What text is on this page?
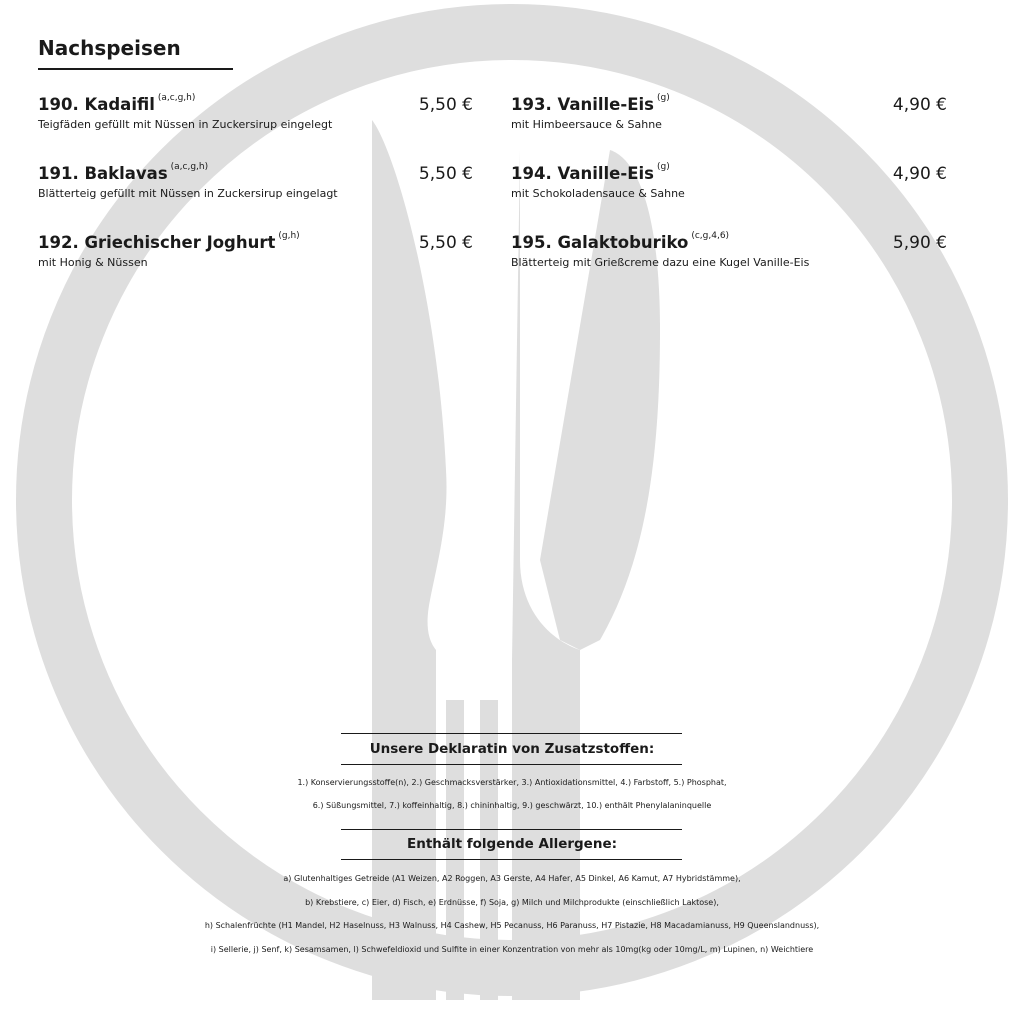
Nachspeisen
190. Kadaifil $^{(a,c,g,h)}$
Teigfäden gefüllt mit Nüssen in Zuckersirup eingelegt
5,50 €
191. Baklavas $^{(a,c,g,h)}$
Blätterteig gefüllt mit Nüssen in Zuckersirup eingelagt
5,50 €
192. Griechischer Joghurt $^{(g,h)}$
mit Honig & Nüssen
5,50 €
193. Vanille-Eis $^{(g)}$
mit Himbeersauce & Sahne
4,90 €
194. Vanille-Eis $^{(g)}$
mit Schokoladensauce & Sahne
4,90 €
195. Galaktoburiko $^{(c,g,4,6)}$
Blätterteig mit Grießcreme dazu eine Kugel Vanille-Eis
5,90 €
Unsere Deklaratin von Zusatzstoffen:
1.) Konservierungsstoffe(n), 2.) Geschmacksverstärker, 3.) Antioxidationsmittel, 4.) Farbstoff, 5.) Phosphat,
6.) Süßungsmittel, 7.) koffeinhaltig, 8.) chininhaltig, 9.) geschwärzt, 10.) enthält Phenylalaninquelle
Enthält folgende Allergene:
a) Glutenhaltiges Getreide (A1 Weizen, A2 Roggen, A3 Gerste, A4 Hafer, A5 Dinkel, A6 Kamut, A7 Hybridstämme),
b) Krebstiere, c) Eier, d) Fisch, e) Erdnüsse, f) Soja, g) Milch und Milchprodukte (einschließlich Laktose),
h) Schalenfrüchte (H1 Mandel, H2 Haselnuss, H3 Walnuss, H4 Cashew, H5 Pecanuss, H6 Paranuss, H7 Pistazie, H8 Macadamianuss, H9 Queenslandnuss),
i) Sellerie, j) Senf, k) Sesamsamen, l) Schwefeldioxid und Sulfite in einer Konzentration von mehr als 10mg(kg oder 10mg/L, m) Lupinen, n) Weichtiere
